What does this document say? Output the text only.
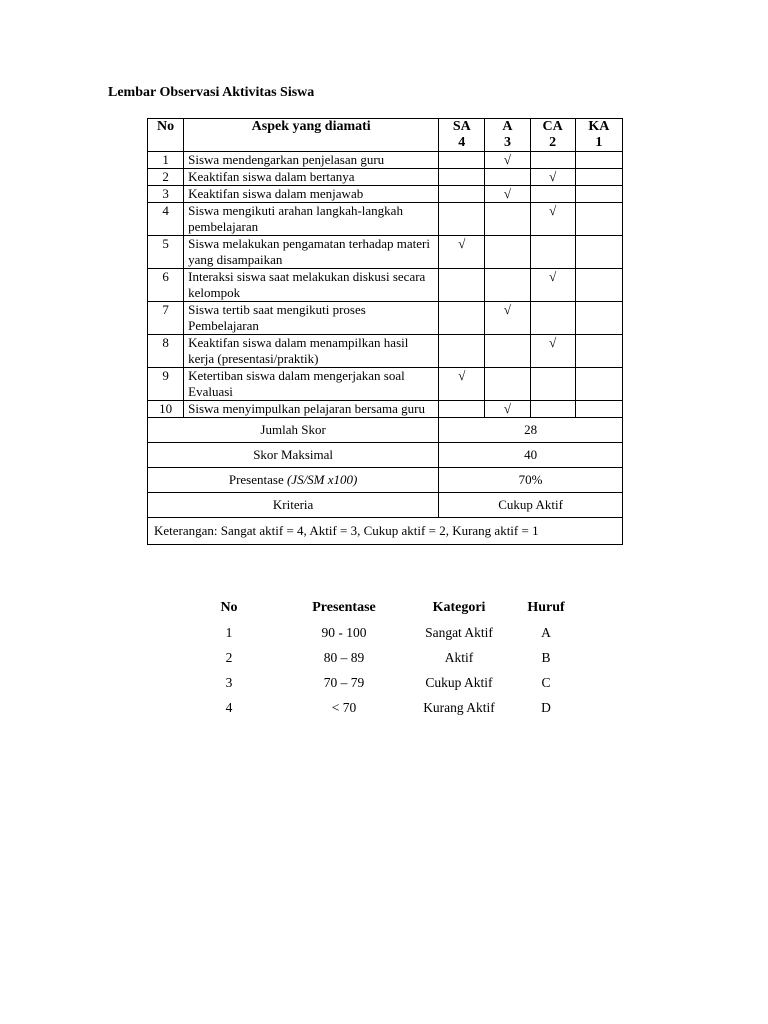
Lembar Observasi Aktivitas Siswa
No	Aspek yang diamati	SA	A	CA	KA
		4	3	2	1
1	Siswa mendengarkan penjelasan guru		√		
2	Keaktifan siswa dalam bertanya			√	
3	Keaktifan siswa dalam menjawab		√		
4	Siswa mengikuti arahan langkah-langkah pembelajaran			√	
5	Siswa melakukan pengamatan terhadap materi yang disampaikan	√			
6	Interaksi siswa saat melakukan diskusi secara kelompok			√	
7	Siswa tertib saat mengikuti proses Pembelajaran		√		
8	Keaktifan siswa dalam menampilkan hasil kerja (presentasi/praktik)			√	
9	Ketertiban siswa dalam mengerjakan soal Evaluasi	√			
10	Siswa menyimpulkan pelajaran bersama guru		√		
Jumlah Skor		28			
Skor Maksimal		40			
Presentase (JS/SM x100)		70%			
Kriteria		Cukup Aktif			
Keterangan: Sangat aktif = 4, Aktif = 3, Cukup aktif = 2, Kurang aktif = 1					
No	Presentase	Kategori	Huruf
1	90 - 100	Sangat Aktif	A
2	80 – 89	Aktif	B
3	70 – 79	Cukup Aktif	C
4	< 70	Kurang Aktif	D
